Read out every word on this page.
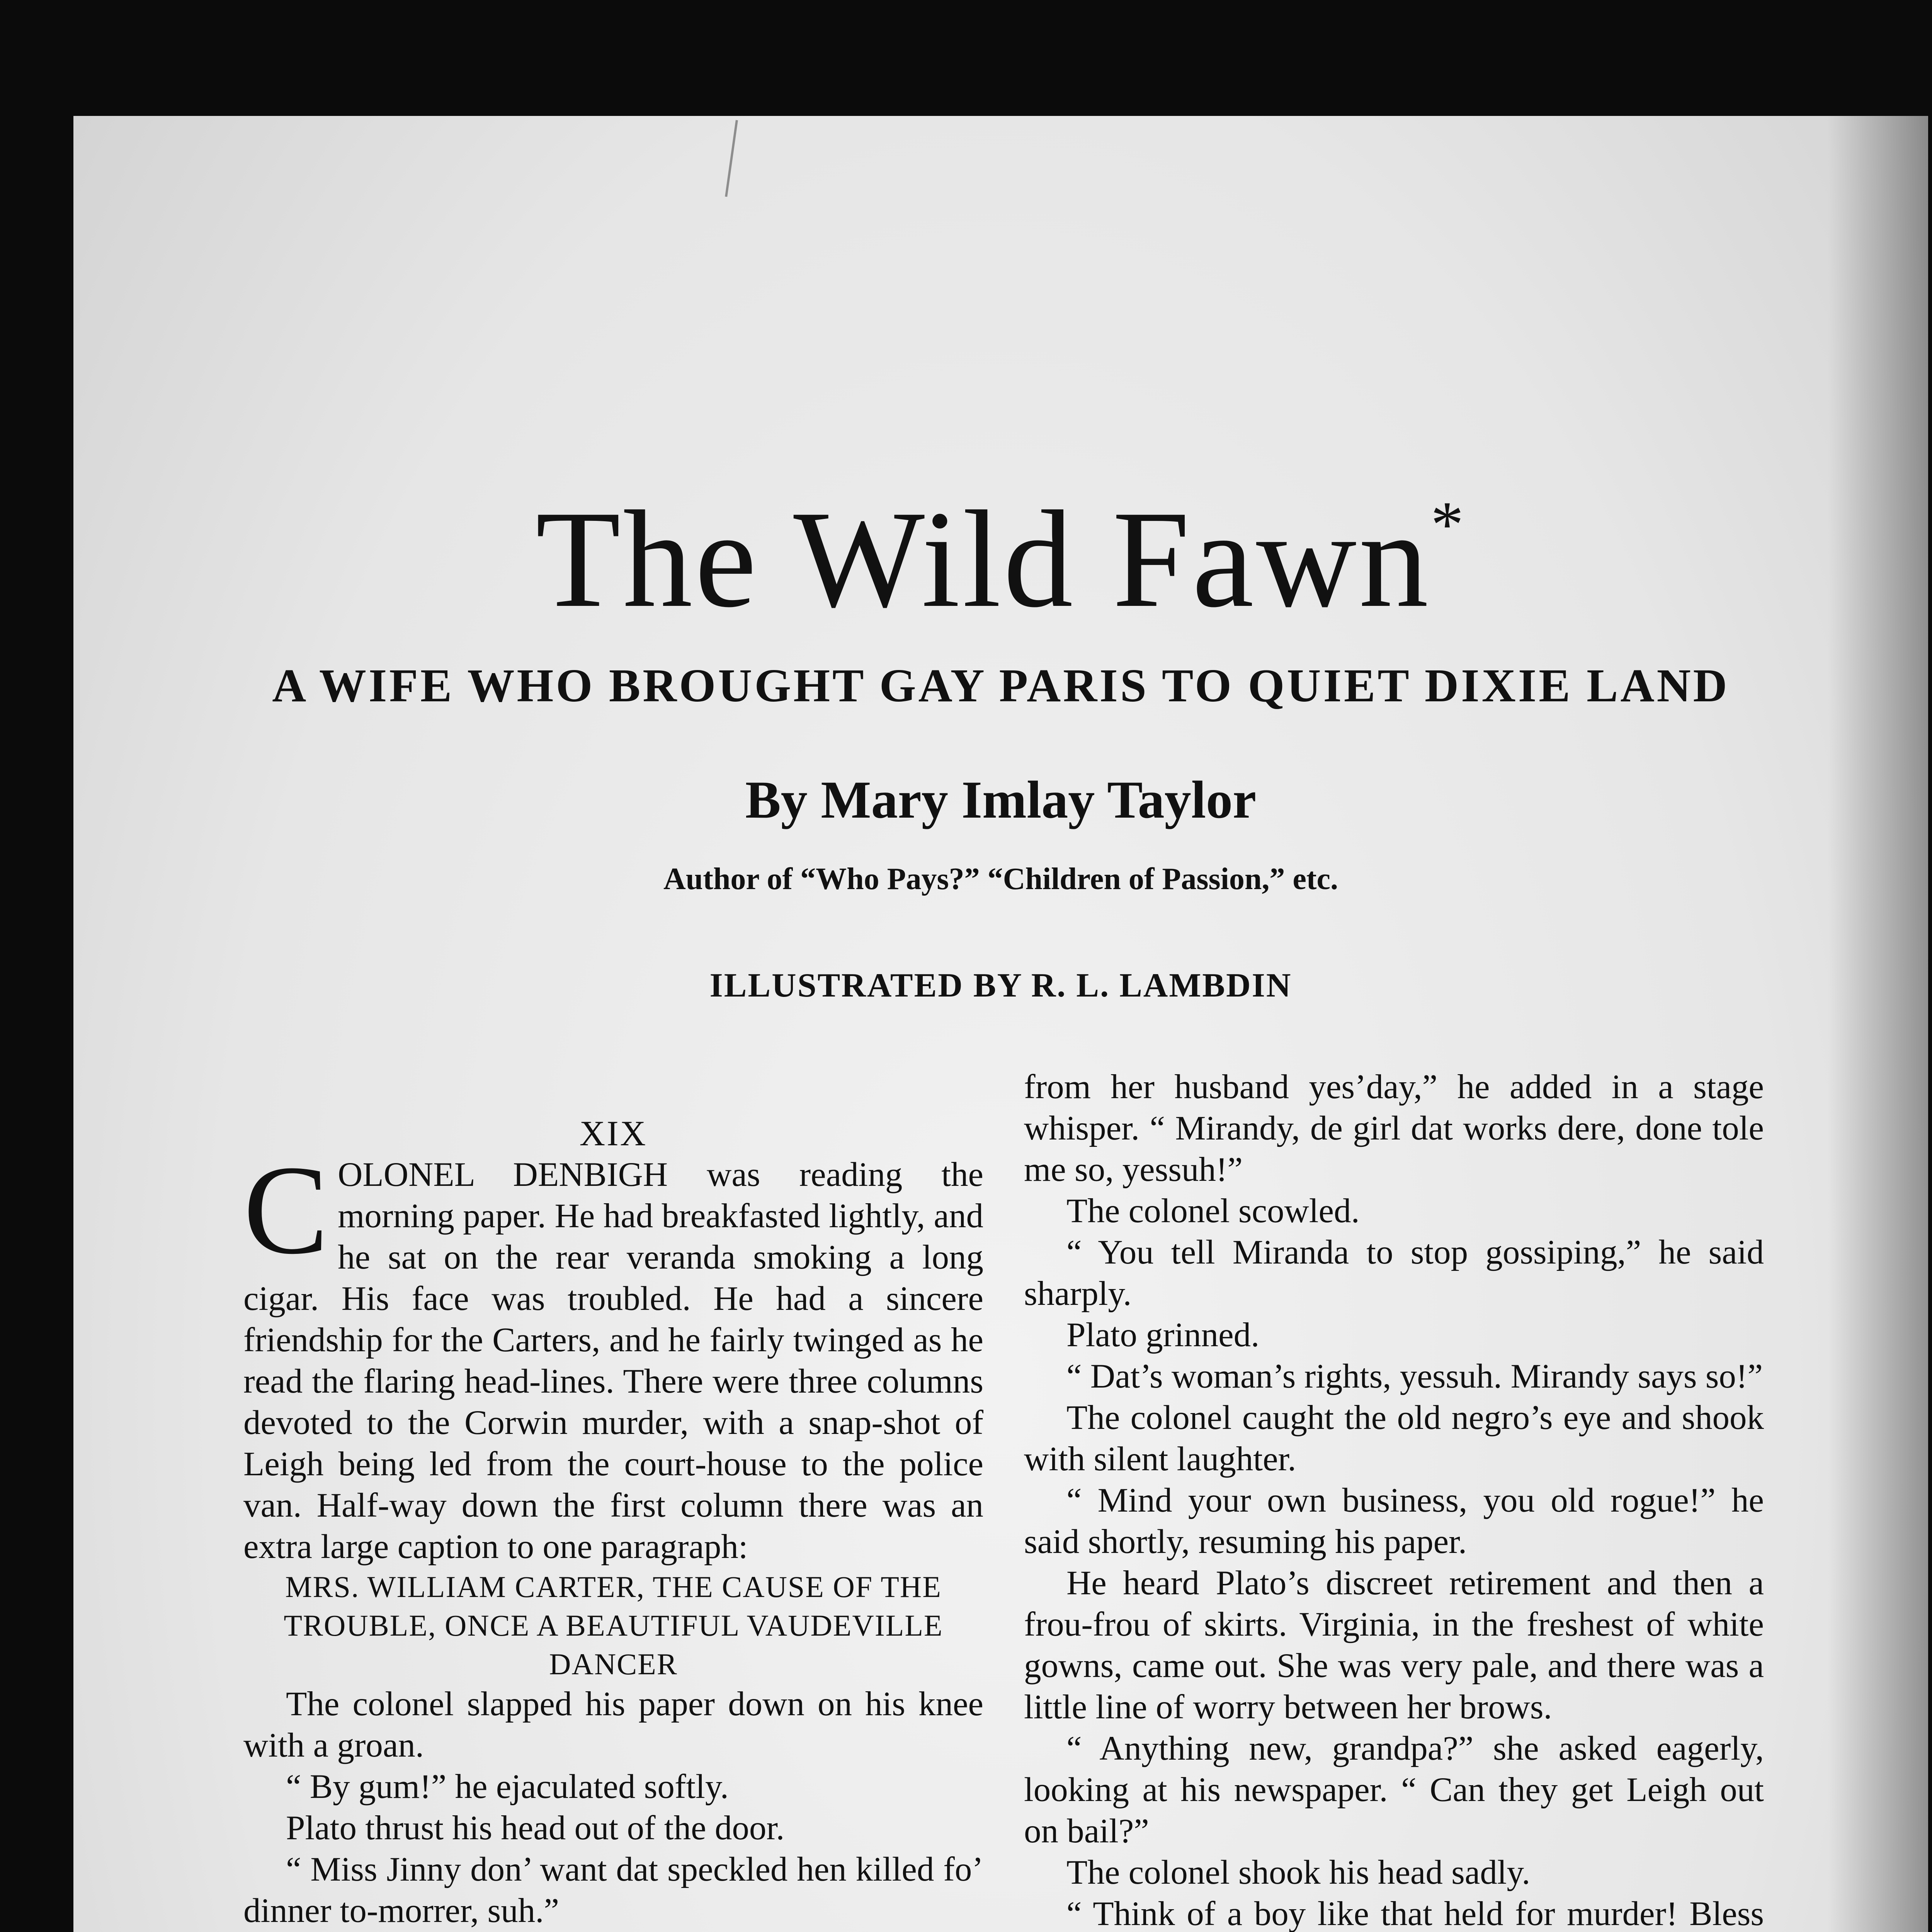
The Wild Fawn*
A WIFE WHO BROUGHT GAY PARIS TO QUIET DIXIE LAND
By Mary Imlay Taylor
Author of “Who Pays?” “Children of Passion,” etc.
ILLUSTRATED BY R. L. LAMBDIN

XIX

COLONEL DENBIGH was reading the morning paper. He had breakfasted lightly, and he sat on the rear veranda smoking a long cigar. His face was troubled. He had a sincere friendship for the Carters, and he fairly twinged as he read the flaring head-lines. There were three columns devoted to the Corwin murder, with a snap-shot of Leigh being led from the court-house to the police van. Half-way down the first column there was an extra large caption to one paragraph:

MRS. WILLIAM CARTER, THE CAUSE OF THE TROUBLE, ONCE A BEAUTIFUL VAUDEVILLE DANCER

The colonel slapped his paper down on his knee with a groan.

“ By gum!” he ejaculated softly.

Plato thrust his head out of the door.

“ Miss Jinny don’ want dat speckled hen killed fo’ dinner to-morrer, suh.”

from her husband yes’day,” he added in a stage whisper. “ Mirandy, de girl dat works dere, done tole me so, yessuh!”

The colonel scowled.

“ You tell Miranda to stop gossiping,” he said sharply.

Plato grinned.

“ Dat’s woman’s rights, yessuh. Mirandy says so!”

The colonel caught the old negro’s eye and shook with silent laughter.

“ Mind your own business, you old rogue!” he said shortly, resuming his paper.

He heard Plato’s discreet retirement and then a frou-frou of skirts. Virginia, in the freshest of white gowns, came out. She was very pale, and there was a little line of worry between her brows.

“ Anything new, grandpa?” she asked eagerly, looking at his newspaper. “ Can they get Leigh out on bail?”

The colonel shook his head sadly.

“ Think of a boy like that held for murder! Bless
